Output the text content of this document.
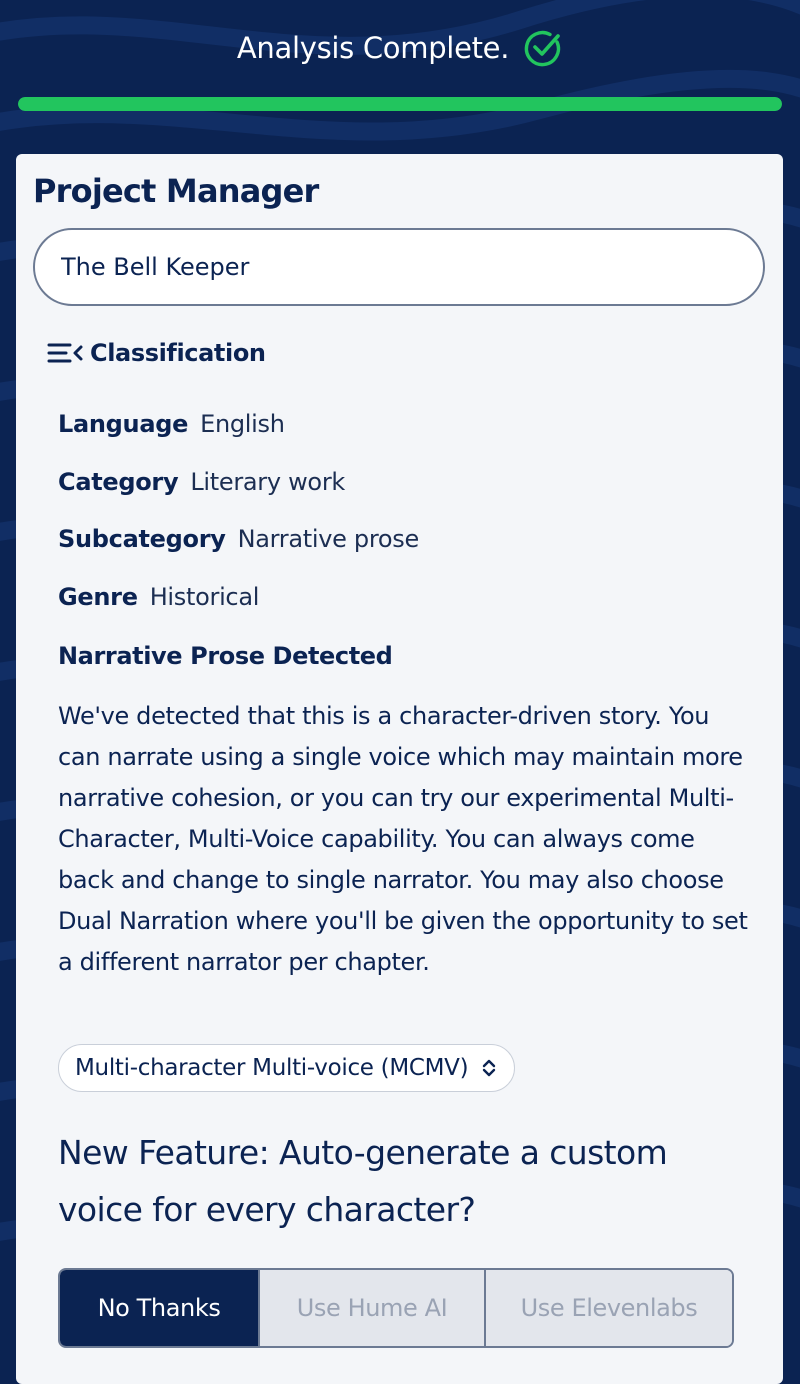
Analysis Complete.
Project Manager
The Bell Keeper
Classification
Language English
Category Literary work
Subcategory Narrative prose
Genre Historical
Narrative Prose Detected

We've detected that this is a character-driven story. You can narrate using a single voice which may maintain more narrative cohesion, or you can try our experimental Multi-Character, Multi-Voice capability. You can always come back and change to single narrator. You may also choose Dual Narration where you'll be given the opportunity to set a different narrator per chapter.

Multi-character Multi-voice (MCMV)
New Feature: Auto-generate a custom voice for every character?
No Thanks	Use Hume AI	Use Elevenlabs
